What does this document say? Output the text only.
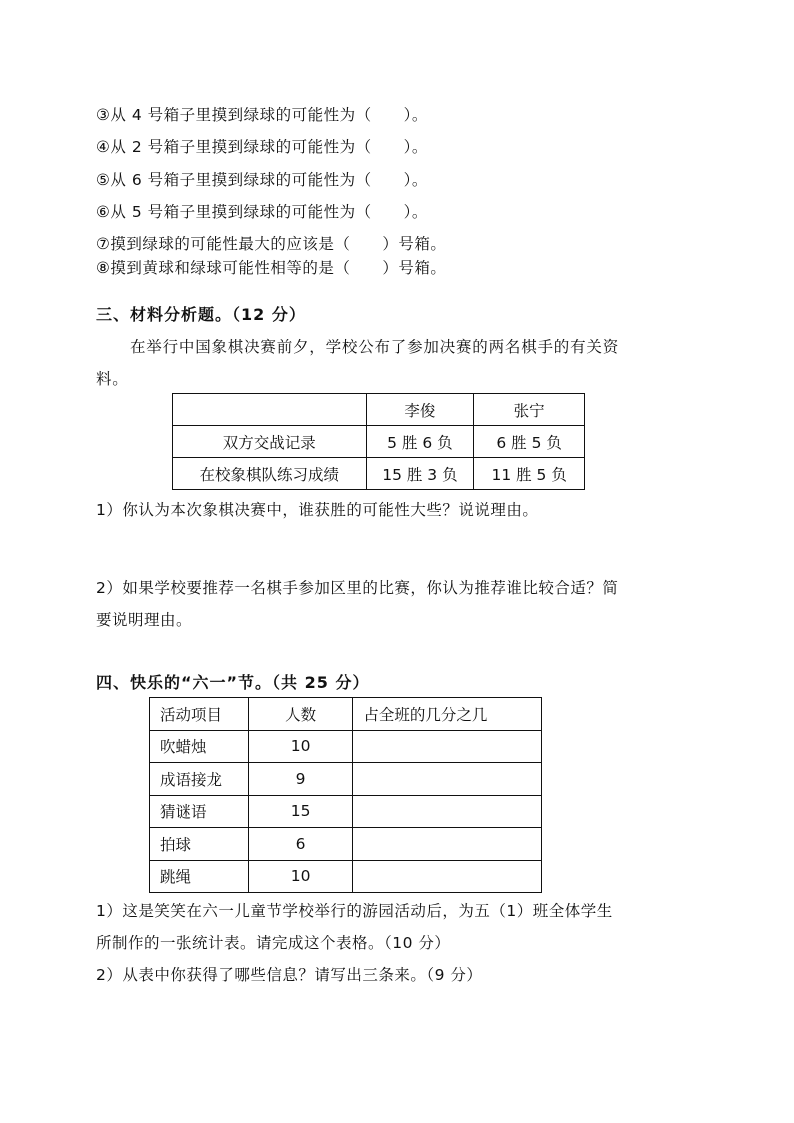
③从 4 号箱子里摸到绿球的可能性为（　　）。
④从 2 号箱子里摸到绿球的可能性为（　　）。
⑤从 6 号箱子里摸到绿球的可能性为（　　）。
⑥从 5 号箱子里摸到绿球的可能性为（　　）。
⑦摸到绿球的可能性最大的应该是（　　）号箱。
⑧摸到黄球和绿球可能性相等的是（　　）号箱。
三、材料分析题。（12 分）
在举行中国象棋决赛前夕，学校公布了参加决赛的两名棋手的有关资
料。
	李俊	张宁
双方交战记录	5 胜 6 负	6 胜 5 负
在校象棋队练习成绩	15 胜 3 负	11 胜 5 负
1）你认为本次象棋决赛中，谁获胜的可能性大些？说说理由。
2）如果学校要推荐一名棋手参加区里的比赛，你认为推荐谁比较合适？简
要说明理由。
四、快乐的“六一”节。（共 25 分）
活动项目	人数	占全班的几分之几
吹蜡烛	10	
成语接龙	9	
猜谜语	15	
拍球	6	
跳绳	10	
1）这是笑笑在六一儿童节学校举行的游园活动后，为五（1）班全体学生
所制作的一张统计表。请完成这个表格。（10 分）
2）从表中你获得了哪些信息？请写出三条来。（9 分）
